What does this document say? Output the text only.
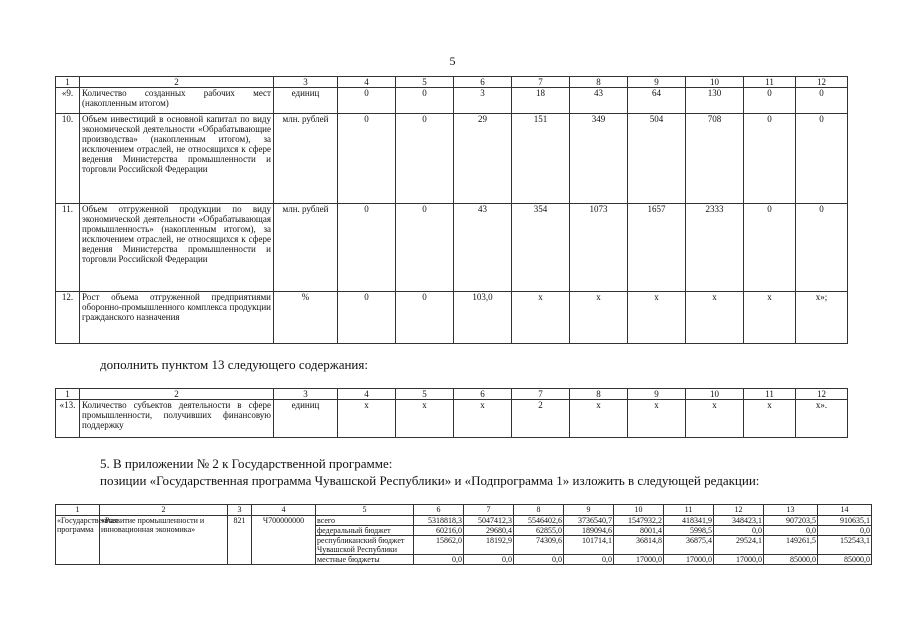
5
1	2	3	4	5	6	7	8	9	10	11	12
«9.	Количество созданных рабочих мест (накопленным итогом)	единиц	0	0	3	18	43	64	130	0	0
10.	Объем инвестиций в основной капитал по виду экономической деятельности «Обрабатывающие производства» (накопленным итогом), за исключением отраслей, не относящихся к сфере ведения Министерства промышленности и торговли Российской Федерации	млн. рублей	0	0	29	151	349	504	708	0	0
11.	Объем отгруженной продукции по виду экономической деятельности «Обрабатывающая промышленность» (накопленным итогом), за исключением отраслей, не относящихся к сфере ведения Министерства промышленности и торговли Российской Федерации	млн. рублей	0	0	43	354	1073	1657	2333	0	0
12.	Рост объема отгруженной предприятиями оборонно-промышленного комплекса продукции гражданского назначения	%	0	0	103,0	х	х	х	х	х	х»;
дополнить пунктом 13 следующего содержания:
1	2	3	4	5	6	7	8	9	10	11	12
«13.	Количество субъектов деятельности в сфере промышленности, получивших финансовую поддержку	единиц	х	х	х	2	х	х	х	х	х».
5. В приложении № 2 к Государственной программе:
позиции «Государственная программа Чувашской Республики» и «Подпрограмма 1» изложить в следующей редакции:
1	2	3	4	5	6	7	8	9	10	11	12	13	14
«Государственная программа	«Развитие промышленности и инновационная экономика»	821	Ч700000000	всего	5318818,3	5047412,3	5546402,6	3736540,7	1547932,2	418341,9	348423,1	907203,5	910635,1
				федеральный бюджет	60216,0	29680,4	62855,0	189094,6	8001,4	5998,5	0,0	0,0	0,0
				республиканский бюджет Чувашской Республики	15862,0	18192,9	74309,6	101714,1	36814,8	36875,4	29524,1	149261,5	152543,1
				местные бюджеты	0,0	0,0	0,0	0,0	17000,0	17000,0	17000,0	85000,0	85000,0
